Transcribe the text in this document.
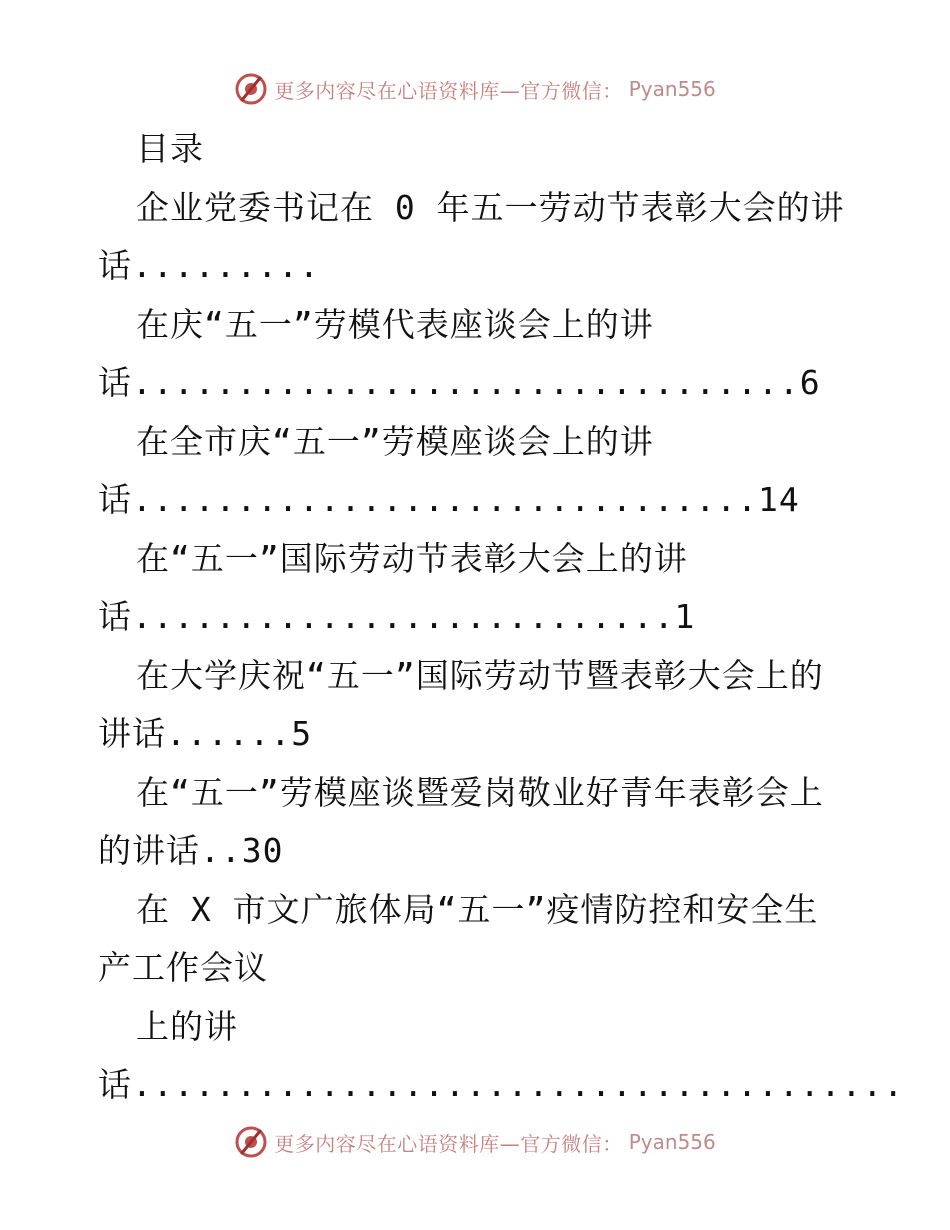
更多内容尽在心语资料库—官方微信： Pyan556
目录
企业党委书记在 0 年五一劳动节表彰大会的讲
话.........
在庆“五一”劳模代表座谈会上的讲
话................................6
在全市庆“五一”劳模座谈会上的讲
话..............................14
在“五一”国际劳动节表彰大会上的讲
话..........................1
在大学庆祝“五一”国际劳动节暨表彰大会上的
讲话......5
在“五一”劳模座谈暨爱岗敬业好青年表彰会上
的讲话..30
在 X 市文广旅体局“五一”疫情防控和安全生
产工作会议
上的讲
话.....................................
更多内容尽在心语资料库—官方微信： Pyan556
